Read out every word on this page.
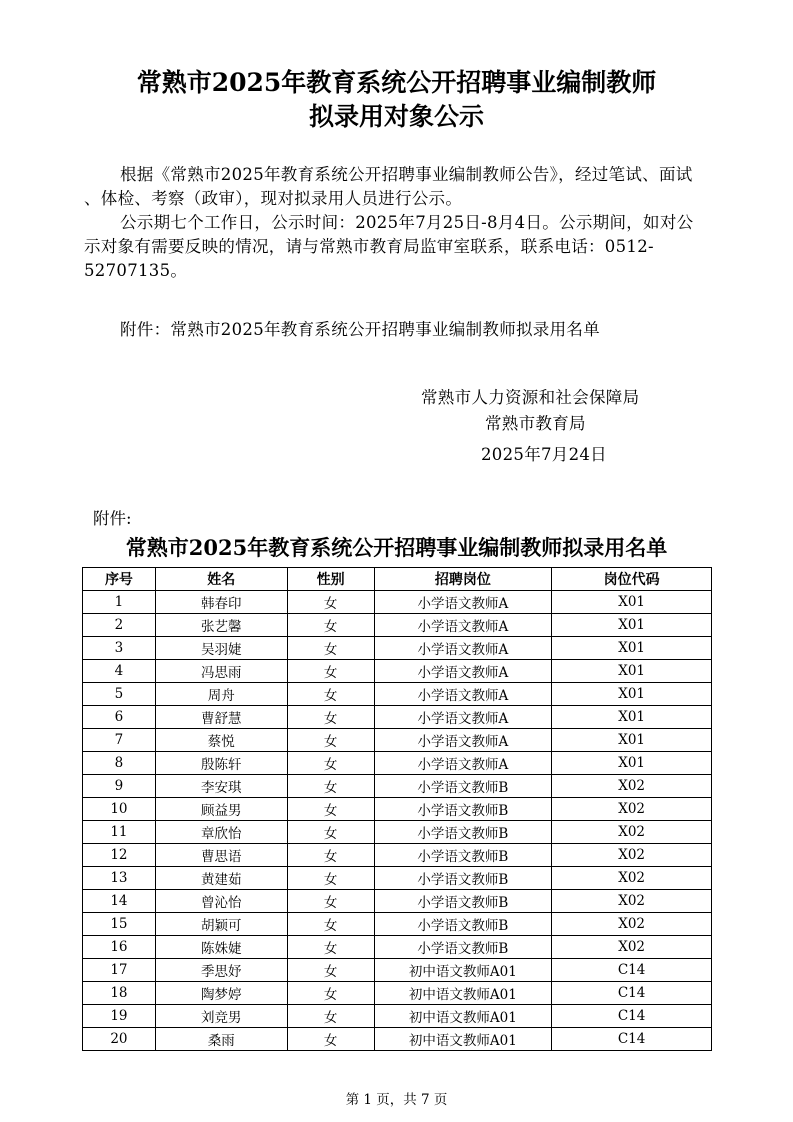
常熟市2025年教育系统公开招聘事业编制教师
拟录用对象公示

根据《常熟市2025年教育系统公开招聘事业编制教师公告》，经过笔试、面试 、体检、考察（政审），现对拟录用人员进行公示。

公示期七个工作日，公示时间：2025年7月25日-8月4日。公示期间，如对公示对象有需要反映的情况，请与常熟市教育局监审室联系，联系电话：0512-52707135。

附件：常熟市2025年教育系统公开招聘事业编制教师拟录用名单
常熟市人力资源和社会保障局
常熟市教育局
2025年7月24日
附件:
常熟市2025年教育系统公开招聘事业编制教师拟录用名单
序号	姓名	性别	招聘岗位	岗位代码
1	韩春印	女	小学语文教师A	X01
2	张艺馨	女	小学语文教师A	X01
3	吴羽婕	女	小学语文教师A	X01
4	冯思雨	女	小学语文教师A	X01
5	周舟	女	小学语文教师A	X01
6	曹舒慧	女	小学语文教师A	X01
7	蔡悦	女	小学语文教师A	X01
8	殷陈轩	女	小学语文教师A	X01
9	李安琪	女	小学语文教师B	X02
10	顾益男	女	小学语文教师B	X02
11	章欣怡	女	小学语文教师B	X02
12	曹思语	女	小学语文教师B	X02
13	黄建茹	女	小学语文教师B	X02
14	曾沁怡	女	小学语文教师B	X02
15	胡颖可	女	小学语文教师B	X02
16	陈姝婕	女	小学语文教师B	X02
17	季思妤	女	初中语文教师A01	C14
18	陶梦婷	女	初中语文教师A01	C14
19	刘竞男	女	初中语文教师A01	C14
20	桑雨	女	初中语文教师A01	C14
第 1 页，共 7 页
